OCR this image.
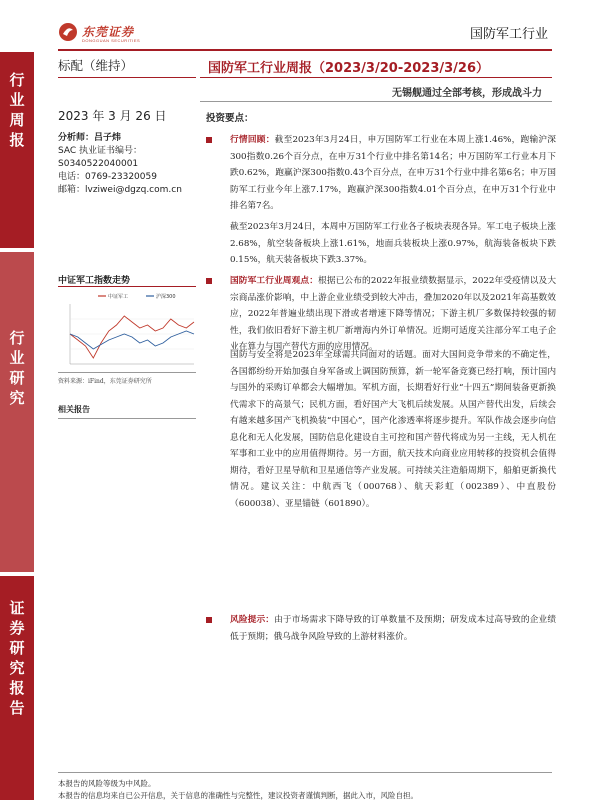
东莞证券
DONGGUAN SECURITIES	国防军工行业
行
业
周
报
行
业
研
究
证
券
研
究
报
告
标配（维持）	国防军工行业周报（2023/3/20-2023/3/26）
无锡舰通过全部考核，形成战斗力
2023 年 3 月 26 日
分析师：吕子炜
SAC 执业证书编号：
S0340522040001
电话：0769-23320059
邮箱：lvziwei@dgzq.com.cn
中证军工指数走势
中证军工	沪深300
资料来源：iFind，东莞证券研究所
相关报告
投资要点：
行情回顾：截至2023年3月24日，申万国防军工行业在本周上涨1.46%，跑输沪深300指数0.26个百分点，在申万31个行业中排名第14名；申万国防军工行业本月下跌0.62%，跑赢沪深300指数0.43个百分点，在申万31个行业中排名第6名；申万国防军工行业今年上涨7.17%，跑赢沪深300指数4.01个百分点，在申万31个行业中排名第7名。
截至2023年3月24日，本周申万国防军工行业各子板块表现各异。军工电子板块上涨2.68%，航空装备板块上涨1.61%，地面兵装板块上涨0.97%，航海装备板块下跌0.15%，航天装备板块下跌3.37%。
国防军工行业周观点：根据已公布的2022年报业绩数据显示，2022年受疫情以及大宗商品涨价影响，中上游企业业绩受到较大冲击，叠加2020年以及2021年高基数效应，2022年普遍业绩出现下滑或者增速下降等情况；下游主机厂多数保持较强的韧性，我们依旧看好下游主机厂新增海内外订单情况。近期可适度关注部分军工电子企业在算力与国产替代方面的应用情况。
国防与安全将是2023年全球需共同面对的话题。面对大国间竞争带来的不确定性，各国都纷纷开始加强自身军备或上调国防预算，新一轮军备竞赛已经打响，预计国内与国外的采购订单都会大幅增加。军机方面，长期看好行业“十四五”期间装备更新换代需求下的高景气；民机方面，看好国产大飞机后续发展。从国产替代出发，后续会有越来越多国产飞机换装“中国心”，国产化渗透率将逐步提升。军队作战会逐步向信息化和无人化发展，国防信息化建设自主可控和国产替代将成为另一主线，无人机在军事和工业中的应用值得期待。另一方面，航天技术向商业应用转移的投资机会值得期待，看好卫星导航和卫星通信等产业发展。可持续关注造船周期下，船舶更新换代情况。建议关注：中航西飞（000768）、航天彩虹（002389）、中直股份（600038）、亚星锚链（601890）。
风险提示：由于市场需求下降导致的订单数量不及预期；研发成本过高导致的企业绩低于预期；俄乌战争风险导致的上游材料涨价。
本报告的风险等级为中风险。
本报告的信息均来自已公开信息，关于信息的准确性与完整性，建议投资者谨慎判断，据此入市，风险自担。
